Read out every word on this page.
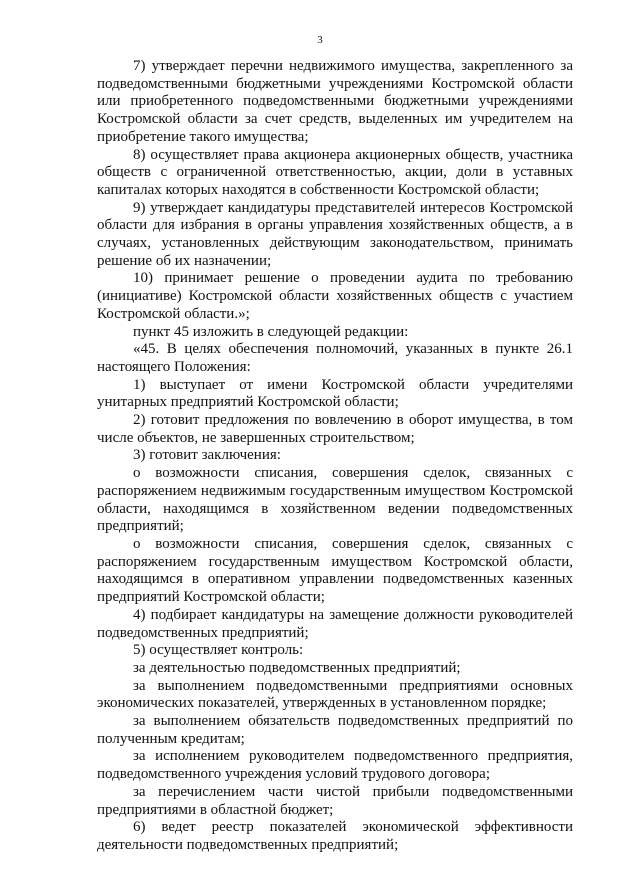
3

7) утверждает перечни недвижимого имущества, закрепленного за подведомственными бюджетными учреждениями Костромской области или приобретенного подведомственными бюджетными учреждениями Костромской области за счет средств, выделенных им учредителем на приобретение такого имущества;

8) осуществляет права акционера акционерных обществ, участника обществ с ограниченной ответственностью, акции, доли в уставных капиталах которых находятся в собственности Костромской области;

9) утверждает кандидатуры представителей интересов Костромской области для избрания в органы управления хозяйственных обществ, а в случаях, установленных действующим законодательством, принимать решение об их назначении;

10) принимает решение о проведении аудита по требованию (инициативе) Костромской области хозяйственных обществ с участием Костромской области.»;

пункт 45 изложить в следующей редакции:

«45. В целях обеспечения полномочий, указанных в пункте 26.1 настоящего Положения:

1) выступает от имени Костромской области учредителями унитарных предприятий Костромской области;

2) готовит предложения по вовлечению в оборот имущества, в том числе объектов, не завершенных строительством;

3) готовит заключения:

о возможности списания, совершения сделок, связанных с распоряжением недвижимым государственным имуществом Костромской области, находящимся в хозяйственном ведении подведомственных предприятий;

о возможности списания, совершения сделок, связанных с распоряжением государственным имуществом Костромской области, находящимся в оперативном управлении подведомственных казенных предприятий Костромской области;

4) подбирает кандидатуры на замещение должности руководителей подведомственных предприятий;

5) осуществляет контроль:

за деятельностью подведомственных предприятий;

за выполнением подведомственными предприятиями основных экономических показателей, утвержденных в установленном порядке;

за выполнением обязательств подведомственных предприятий по полученным кредитам;

за исполнением руководителем подведомственного предприятия, подведомственного учреждения условий трудового договора;

за перечислением части чистой прибыли подведомственными предприятиями в областной бюджет;

6) ведет реестр показателей экономической эффективности деятельности подведомственных предприятий;
